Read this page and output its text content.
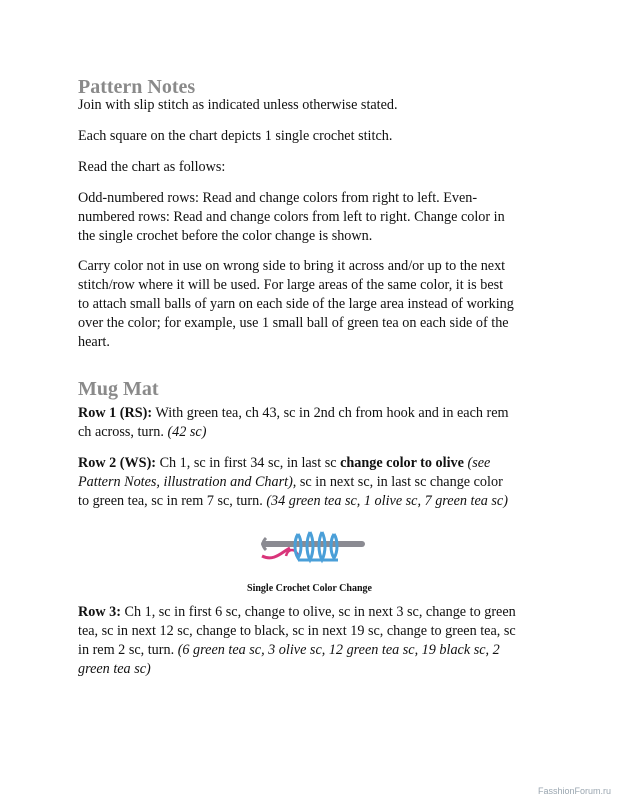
Pattern Notes

Join with slip stitch as indicated unless otherwise stated.

Each square on the chart depicts 1 single crochet stitch.

Read the chart as follows:

Odd-numbered rows: Read and change colors from right to left. Even-

numbered rows: Read and change colors from left to right. Change color in

the single crochet before the color change is shown.

Carry color not in use on wrong side to bring it across and/or up to the next

stitch/row where it will be used. For large areas of the same color, it is best

to attach small balls of yarn on each side of the large area instead of working

over the color; for example, use 1 small ball of green tea on each side of the

heart.

Mug Mat

Row 1 (RS): With green tea, ch 43, sc in 2nd ch from hook and in each rem

ch across, turn. (42 sc)

Row 2 (WS): Ch 1, sc in first 34 sc, in last sc change color to olive (see

Pattern Notes, illustration and Chart), sc in next sc, in last sc change color

to green tea, sc in rem 7 sc, turn. (34 green tea sc, 1 olive sc, 7 green tea sc)

Row 3: Ch 1, sc in first 6 sc, change to olive, sc in next 3 sc, change to green

tea, sc in next 12 sc, change to black, sc in next 19 sc, change to green tea, sc

in rem 2 sc, turn. (6 green tea sc, 3 olive sc, 12 green tea sc, 19 black sc, 2

green tea sc)

Single Crochet Color Change
FasshionForum.ru
